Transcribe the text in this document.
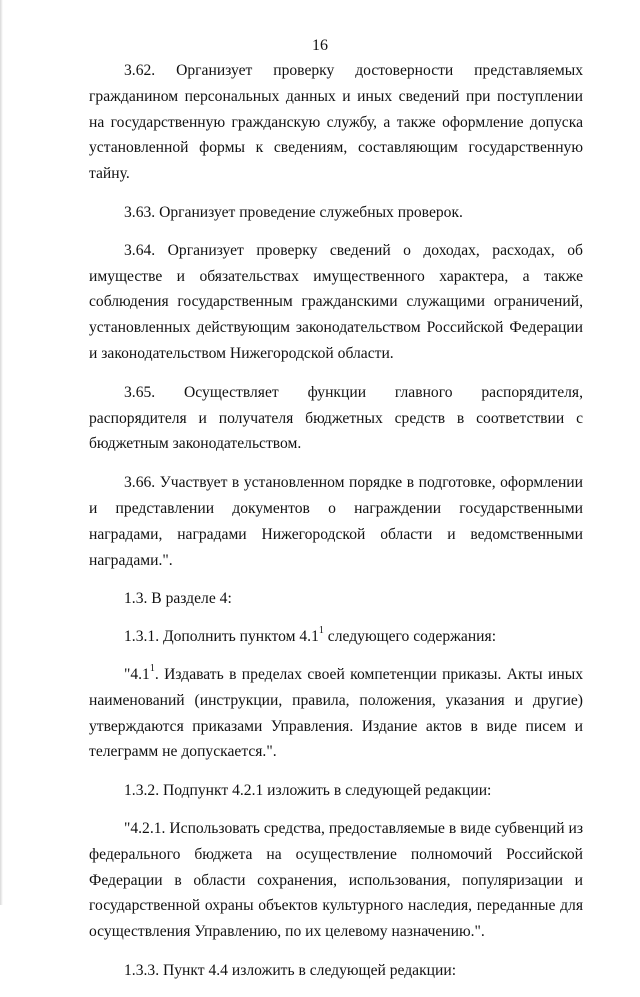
16

3.62. Организует проверку достоверности представляемых гражданином персональных данных и иных сведений при поступлении на государственную гражданскую службу, а также оформление допуска установленной формы к сведениям, составляющим государственную тайну.

3.63. Организует проведение служебных проверок.

3.64. Организует проверку сведений о доходах, расходах, об имуществе и обязательствах имущественного характера, а также соблюдения государственным гражданскими служащими ограничений, установленных действующим законодательством Российской Федерации и законодательством Нижегородской области.

3.65. Осуществляет функции главного распорядителя, распорядителя и получателя бюджетных средств в соответствии с бюджетным законодательством.

3.66. Участвует в установленном порядке в подготовке, оформлении и представлении документов о награждении государственными наградами, наградами Нижегородской области и ведомственными наградами.".

1.3. В разделе 4:

1.3.1. Дополнить пунктом $4.1^1$ следующего содержания:

"$4.1^1$. Издавать в пределах своей компетенции приказы. Акты иных наименований (инструкции, правила, положения, указания и другие) утверждаются приказами Управления. Издание актов в виде писем и телеграмм не допускается.".

1.3.2. Подпункт 4.2.1 изложить в следующей редакции:

"4.2.1. Использовать средства, предоставляемые в виде субвенций из федерального бюджета на осуществление полномочий Российской Федерации в области сохранения, использования, популяризации и государственной охраны объектов культурного наследия, переданные для осуществления Управлению, по их целевому назначению.".

1.3.3. Пункт 4.4 изложить в следующей редакции:
